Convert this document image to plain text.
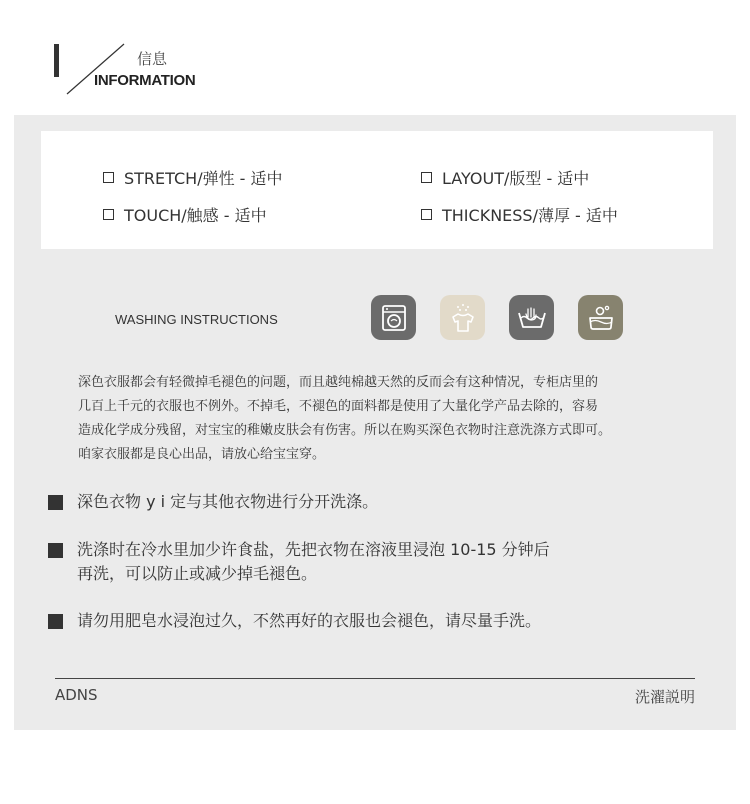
信息
INFORMATION
STRETCH/弹性 - 适中	LAYOUT/版型 - 适中
TOUCH/触感 - 适中	THICKNESS/薄厚 - 适中
WASHING INSTRUCTIONS
深色衣服都会有轻微掉毛褪色的问题，而且越纯棉越天然的反而会有这种情况，专柜店里的
几百上千元的衣服也不例外。不掉毛，不褪色的面料都是使用了大量化学产品去除的，容易
造成化学成分残留，对宝宝的稚嫩皮肤会有伤害。所以在购买深色衣物时注意洗涤方式即可。
咱家衣服都是良心出品，请放心给宝宝穿。
深色衣物 y i 定与其他衣物进行分开洗涤。
洗涤时在冷水里加少许食盐，先把衣物在溶液里浸泡 10-15 分钟后
再洗，可以防止或减少掉毛褪色。
请勿用肥皂水浸泡过久，不然再好的衣服也会褪色，请尽量手洗。
ADNS	洗濯説明
